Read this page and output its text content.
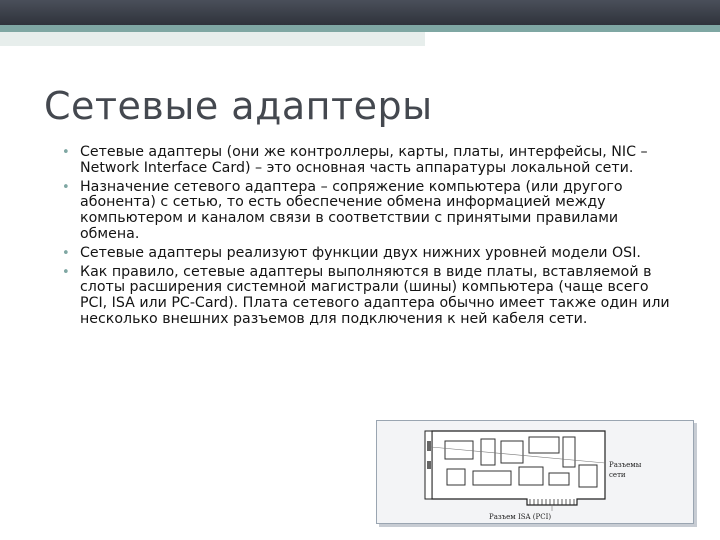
Сетевые адаптеры
• Сетевые адаптеры (они же контроллеры, карты, платы, интерфейсы, NIC – Network Interface Card) – это основная часть аппаратуры локальной сети.
• Назначение сетевого адаптера – сопряжение компьютера (или другого абонента) с сетью, то есть обеспечение обмена информацией между компьютером и каналом связи в соответствии с принятыми правилами обмена.
• Сетевые адаптеры реализуют функции двух нижних уровней модели OSI.
• Как правило, сетевые адаптеры выполняются в виде платы, вставляемой в слоты расширения системной магистрали (шины) компьютера (чаще всего PCI, ISA или PC-Card). Плата сетевого адаптера обычно имеет также один или несколько внешних разъемов для подключения к ней кабеля сети.
Разъемы
сети
Разъем ISA (PCI)
